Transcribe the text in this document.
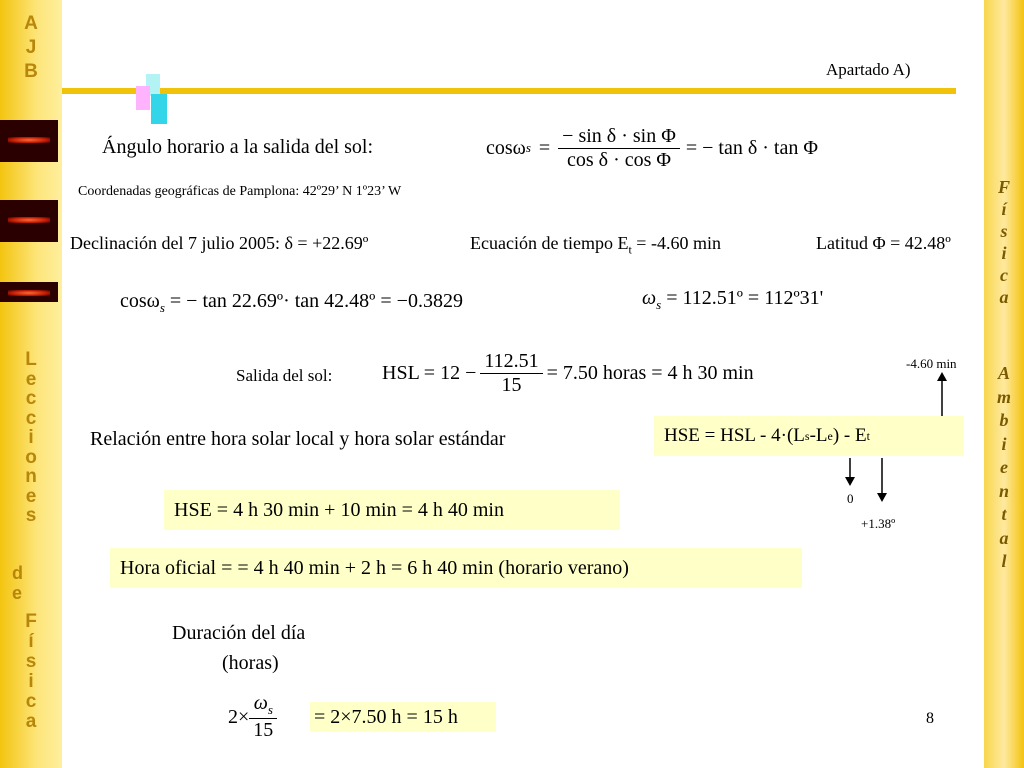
A
J
B
L
e
c
c
i
o
n
e
s
d e
F
í
s
i
c
a
F
í
s
i
c
a
A
m
b
i
e
n
t
a
l
Apartado A)
Ángulo horario a la salida del sol:	cosω $s = \frac{\text{− sin δ · sin Φ}}{\text{cos δ · cos Φ}}$ = − tan δ · tan Φ
Coordenadas geográficas de Pamplona: 42º29’ N 1º23’ W
Declinación del 7 julio 2005: δ = +22.69º	Ecuación de tiempo $E_t = -4.60$ min	Latitud Φ = 42.48º
cosω$_s$ = − tan 22.69º· tan 42.48º = −0.3829	$\omega_s$ = 112.51º = 112º31'
Salida del sol: HSL = $12 - \frac{112.51}{15} = 7.50$ horas = 4 h 30 min	-4.60 min
0
+1.38º
Relación entre hora solar local y hora solar estándar	HSE = HSL - 4·(L s -L e ) - E t
HSE = 4 h 30 min + 10 min = 4 h 40 min
Hora oficial = = 4 h 40 min + 2 h = 6 h 40 min (horario verano)
Duración del día
(horas)
$2\times \frac{\omega_s}{15} = 2\times 7.50$ h = 15 h	8
